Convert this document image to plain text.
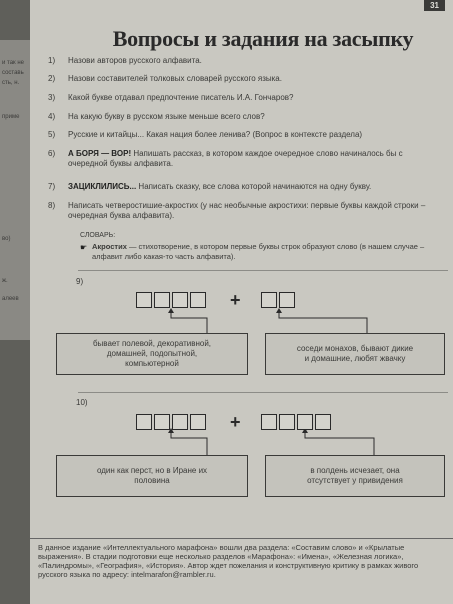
и так не
составь
сть, н.
приме
во)
ж.
алеев
31
Вопросы и задания на засыпку
1)	Назови авторов русского алфавита.
2)	Назови составителей толковых словарей русского языка.
3)	Какой букве отдавал предпочтение писатель И.А. Гончаров?
4)	На какую букву в русском языке меньше всего слов?
5)	Русские и китайцы... Какая нация более ленива? (Вопрос в контексте раздела)
6)	А БОРЯ — ВОР! Напишать рассказ, в котором каждое очередное слово начиналось бы с очередной буквы алфавита.
7)	ЗАЦИКЛИЛИСЬ... Написать сказку, все слова которой начинаются на одну букву.
8)	Написать четверостишие-акростих (у нас необычные акростихи: первые буквы каждой строки – очередная буква алфавита).
СЛОВАРЬ:
☛ Акростих — стихотворение, в котором первые буквы строк образуют слово (в нашем случае – алфавит либо какая-то часть алфавита).
9)
+
бывает полевой, декоративной, домашней, подопытной, компьютерной
соседи монахов, бывают дикие и домашние, любят жвачку
10)
+
один как перст, но в Иране их половина
в полдень исчезает, она отсутствует у привидения
В данное издание «Интеллектуального марафона» вошли два раздела: «Составим слово» и «Крылатые выражения». В стадии подготовки еще несколько разделов «Марафона»: «Имена», «Железная логика», «Палиндромы», «География», «История». Автор ждет пожелания и конструктивную критику в рамках живого русского языка по адресу: intelmarafon@rambler.ru.
